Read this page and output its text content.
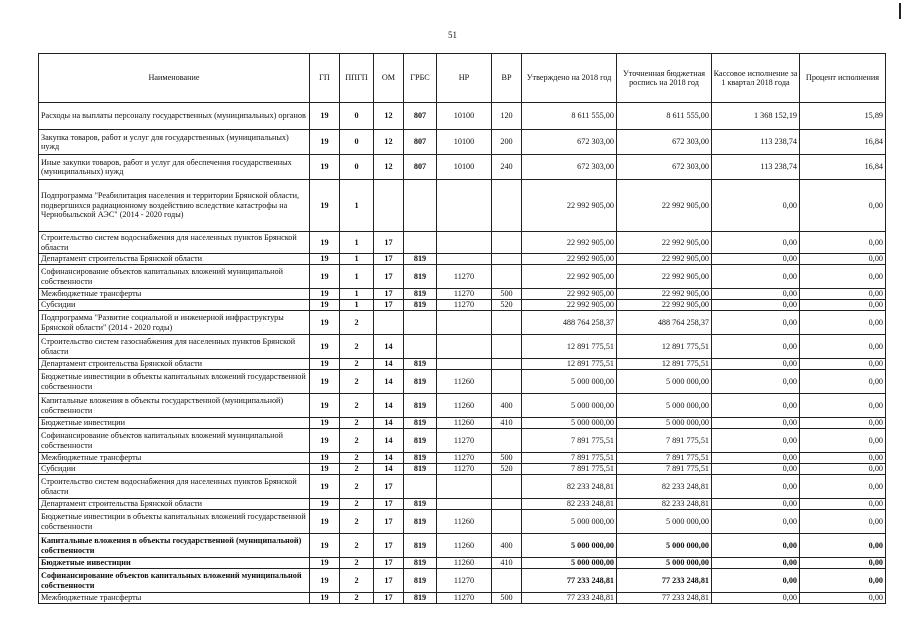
51
Наименование	ГП	ППГП	ОМ	ГРБС	НР	ВР	Утверждено на 2018 год	Уточненная бюджетная роспись на 2018 год	Кассовое исполнение за 1 квартал 2018 года	Процент исполнения
Расходы на выплаты персоналу государственных (муниципальных) органов	19	0	12	807	10100	120	8 611 555,00	8 611 555,00	1 368 152,19	15,89
Закупка товаров, работ и услуг для государственных (муниципальных) нужд	19	0	12	807	10100	200	672 303,00	672 303,00	113 238,74	16,84
Иные закупки товаров, работ и услуг для обеспечения государственных (муниципальных) нужд	19	0	12	807	10100	240	672 303,00	672 303,00	113 238,74	16,84
Подпрограмма "Реабилитация населения и территории Брянской области, подвергшихся радиационному воздействию вследствие катастрофы на Чернобыльской АЭС" (2014 - 2020 годы)	19	1					22 992 905,00	22 992 905,00	0,00	0,00
Строительство систем водоснабжения для населенных пунктов Брянской области	19	1	17				22 992 905,00	22 992 905,00	0,00	0,00
Департамент строительства Брянской области	19	1	17	819			22 992 905,00	22 992 905,00	0,00	0,00
Софинансирование объектов капитальных вложений муниципальной собственности	19	1	17	819	11270		22 992 905,00	22 992 905,00	0,00	0,00
Межбюджетные трансферты	19	1	17	819	11270	500	22 992 905,00	22 992 905,00	0,00	0,00
Субсидии	19	1	17	819	11270	520	22 992 905,00	22 992 905,00	0,00	0,00
Подпрограмма "Развитие социальной и инженерной инфраструктуры Брянской области" (2014 - 2020 годы)	19	2					488 764 258,37	488 764 258,37	0,00	0,00
Строительство систем газоснабжения для населенных пунктов Брянской области	19	2	14				12 891 775,51	12 891 775,51	0,00	0,00
Департамент строительства Брянской области	19	2	14	819			12 891 775,51	12 891 775,51	0,00	0,00
Бюджетные инвестиции в объекты капитальных вложений государственной собственности	19	2	14	819	11260		5 000 000,00	5 000 000,00	0,00	0,00
Капитальные вложения в объекты государственной (муниципальной) собственности	19	2	14	819	11260	400	5 000 000,00	5 000 000,00	0,00	0,00
Бюджетные инвестиции	19	2	14	819	11260	410	5 000 000,00	5 000 000,00	0,00	0,00
Софинансирование объектов капитальных вложений муниципальной собственности	19	2	14	819	11270		7 891 775,51	7 891 775,51	0,00	0,00
Межбюджетные трансферты	19	2	14	819	11270	500	7 891 775,51	7 891 775,51	0,00	0,00
Субсидии	19	2	14	819	11270	520	7 891 775,51	7 891 775,51	0,00	0,00
Строительство систем водоснабжения для населенных пунктов Брянской области	19	2	17				82 233 248,81	82 233 248,81	0,00	0,00
Департамент строительства Брянской области	19	2	17	819			82 233 248,81	82 233 248,81	0,00	0,00
Бюджетные инвестиции в объекты капитальных вложений государственной собственности	19	2	17	819	11260		5 000 000,00	5 000 000,00	0,00	0,00
Капитальные вложения в объекты государственной (муниципальной) собственности	19	2	17	819	11260	400	5 000 000,00	5 000 000,00	0,00	0,00
Бюджетные инвестиции	19	2	17	819	11260	410	5 000 000,00	5 000 000,00	0,00	0,00
Софинансирование объектов капитальных вложений муниципальной собственности	19	2	17	819	11270		77 233 248,81	77 233 248,81	0,00	0,00
Межбюджетные трансферты	19	2	17	819	11270	500	77 233 248,81	77 233 248,81	0,00	0,00
